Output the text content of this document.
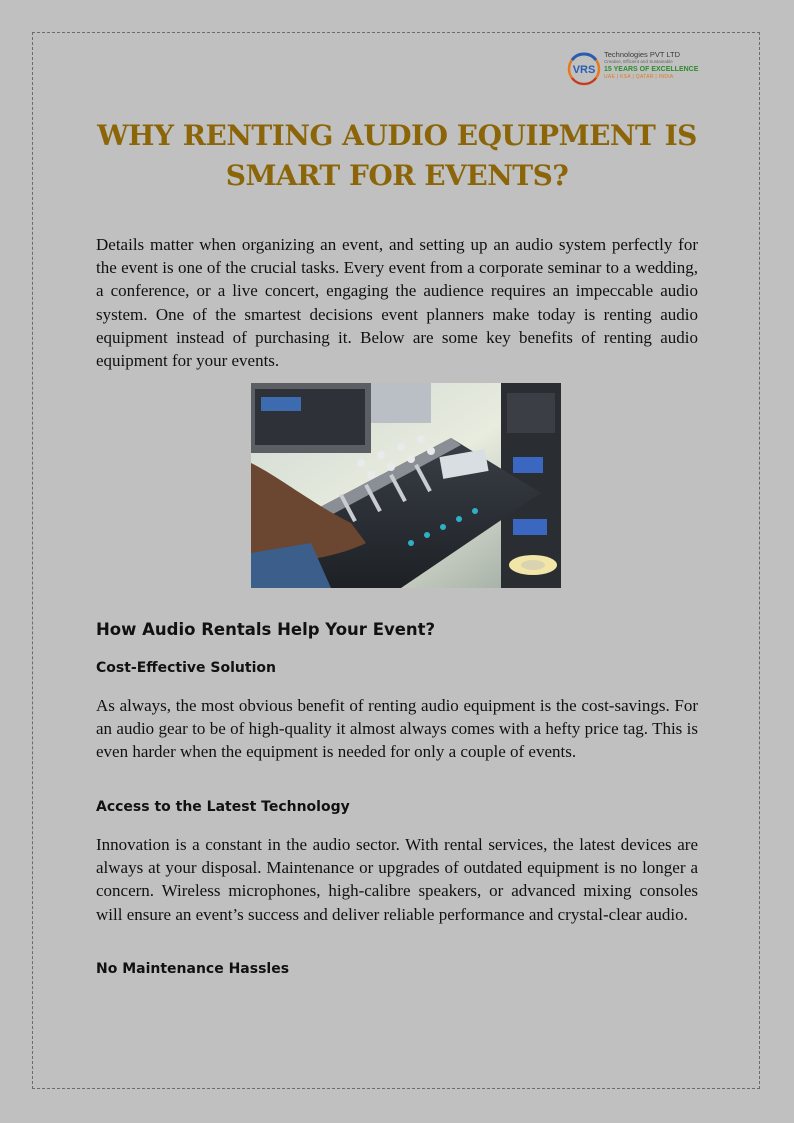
VRS
Technologies PVT LTD
Creative, Efficient and Sustainable
15 YEARS OF EXCELLENCE
UAE | KSA | QATAR | INDIA
WHY RENTING AUDIO EQUIPMENT IS
SMART FOR EVENTS?

Details matter when organizing an event, and setting up an audio system perfectly for the event is one of the crucial tasks. Every event from a corporate seminar to a wedding, a conference, or a live concert, engaging the audience requires an impeccable audio system. One of the smartest decisions event planners make today is renting audio equipment instead of purchasing it. Below are some key benefits of renting audio equipment for your events.

How Audio Rentals Help Your Event?
Cost-Effective Solution

As always, the most obvious benefit of renting audio equipment is the cost-savings. For an audio gear to be of high-quality it almost always comes with a hefty price tag. This is even harder when the equipment is needed for only a couple of events.

Access to the Latest Technology

Innovation is a constant in the audio sector. With rental services, the latest devices are always at your disposal. Maintenance or upgrades of outdated equipment is no longer a concern. Wireless microphones, high-calibre speakers, or advanced mixing consoles will ensure an event’s success and deliver reliable performance and crystal-clear audio.

No Maintenance Hassles
